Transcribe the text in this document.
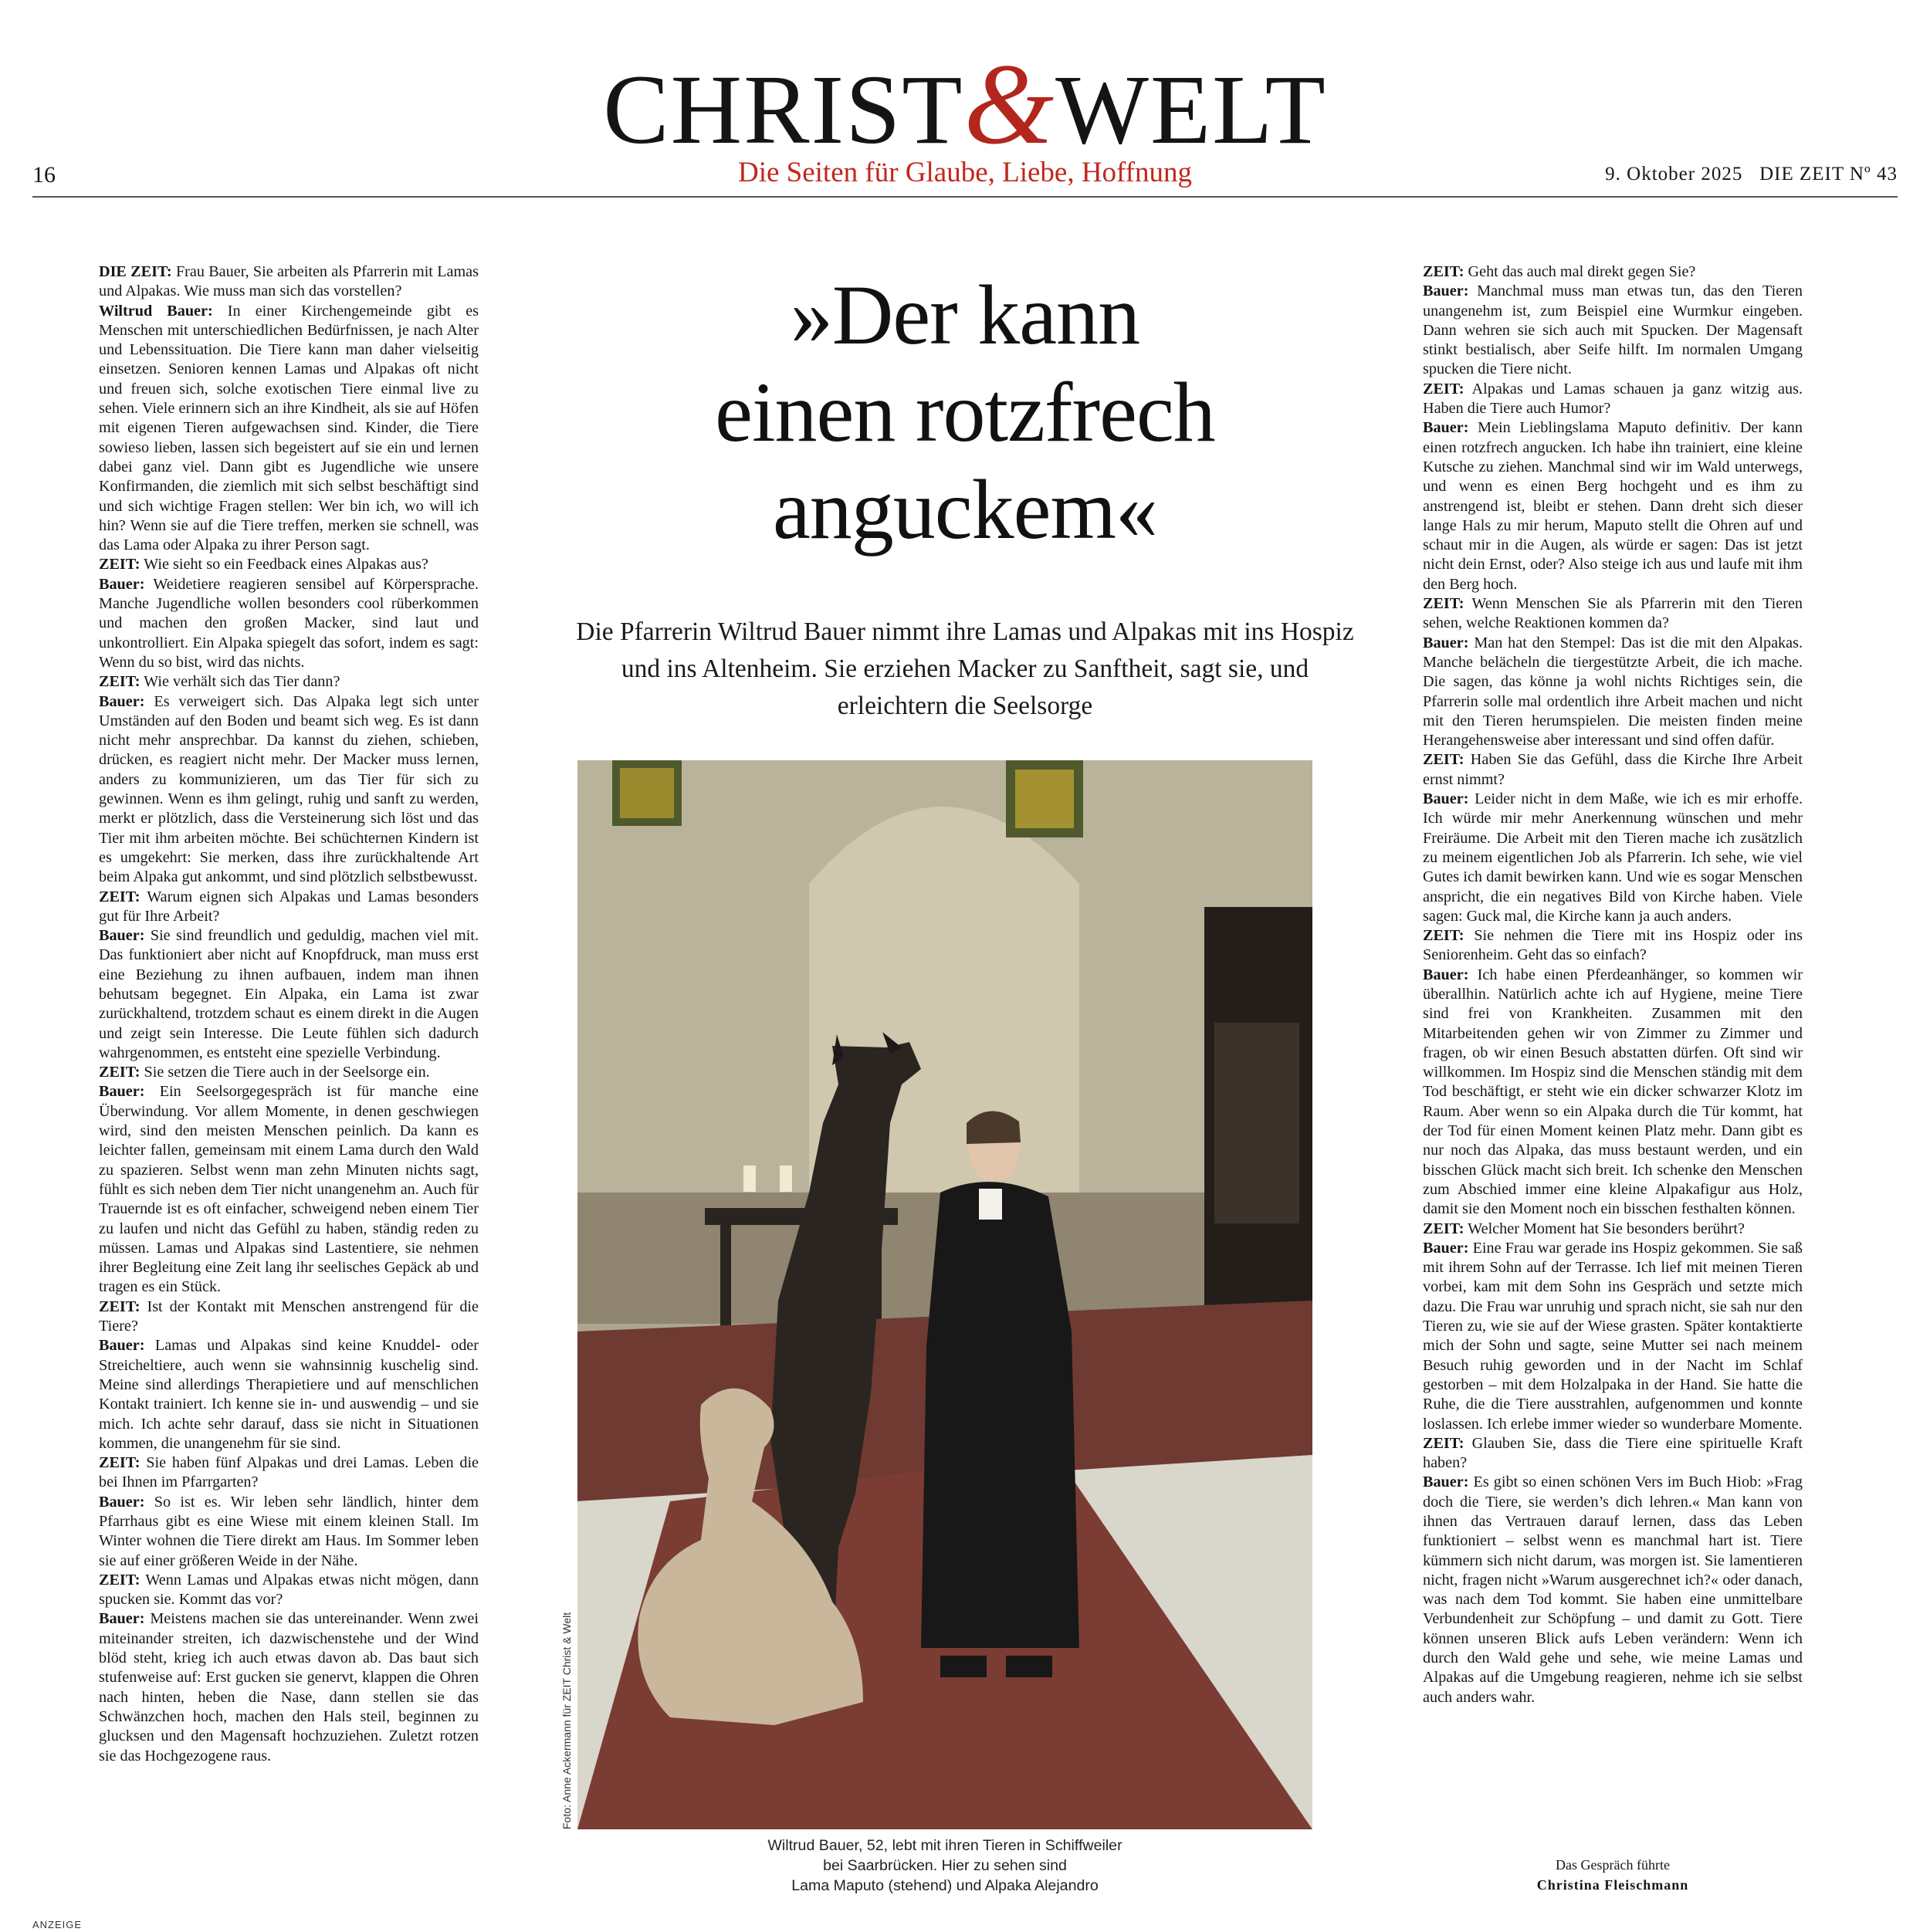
CHRIST&WELT
16	Die Seiten für Glaube, Liebe, Hoffnung	9. Oktober 2025   DIE ZEIT Nº 43

DIE ZEIT: Frau Bauer, Sie arbeiten als Pfarrerin mit Lamas und Alpakas. Wie muss man sich das vorstellen?

Wiltrud Bauer: In einer Kirchengemeinde gibt es Menschen mit unterschiedlichen Bedürfnissen, je nach Alter und Lebenssituation. Die Tiere kann man daher vielseitig einsetzen. Senioren kennen Lamas und Alpakas oft nicht und freuen sich, solche exotischen Tiere einmal live zu sehen. Viele erinnern sich an ihre Kindheit, als sie auf Höfen mit eigenen Tieren aufgewachsen sind. Kinder, die Tiere sowieso lieben, lassen sich begeistert auf sie ein und lernen dabei ganz viel. Dann gibt es Jugendliche wie unsere Konfirmanden, die ziemlich mit sich selbst beschäftigt sind und sich wichtige Fragen stellen: Wer bin ich, wo will ich hin? Wenn sie auf die Tiere treffen, merken sie schnell, was das Lama oder Alpaka zu ihrer Person sagt.

ZEIT: Wie sieht so ein Feedback eines Alpakas aus?

Bauer: Weidetiere reagieren sensibel auf Körpersprache. Manche Jugendliche wollen besonders cool rüberkommen und machen den großen Macker, sind laut und unkontrolliert. Ein Alpaka spiegelt das sofort, indem es sagt: Wenn du so bist, wird das nichts.

ZEIT: Wie verhält sich das Tier dann?

Bauer: Es verweigert sich. Das Alpaka legt sich unter Umständen auf den Boden und beamt sich weg. Es ist dann nicht mehr ansprechbar. Da kannst du ziehen, schieben, drücken, es reagiert nicht mehr. Der Macker muss lernen, anders zu kommunizieren, um das Tier für sich zu gewinnen. Wenn es ihm gelingt, ruhig und sanft zu werden, merkt er plötzlich, dass die Versteinerung sich löst und das Tier mit ihm arbeiten möchte. Bei schüchternen Kindern ist es umgekehrt: Sie merken, dass ihre zurückhaltende Art beim Alpaka gut ankommt, und sind plötzlich selbstbewusst.

ZEIT: Warum eignen sich Alpakas und Lamas besonders gut für Ihre Arbeit?

Bauer: Sie sind freundlich und geduldig, machen viel mit. Das funktioniert aber nicht auf Knopfdruck, man muss erst eine Beziehung zu ihnen aufbauen, indem man ihnen behutsam begegnet. Ein Alpaka, ein Lama ist zwar zurückhaltend, trotzdem schaut es einem direkt in die Augen und zeigt sein Interesse. Die Leute fühlen sich dadurch wahrgenommen, es entsteht eine spezielle Verbindung.

ZEIT: Sie setzen die Tiere auch in der Seelsorge ein.

Bauer: Ein Seelsorgegespräch ist für manche eine Überwindung. Vor allem Momente, in denen geschwiegen wird, sind den meisten Menschen peinlich. Da kann es leichter fallen, gemeinsam mit einem Lama durch den Wald zu spazieren. Selbst wenn man zehn Minuten nichts sagt, fühlt es sich neben dem Tier nicht unangenehm an. Auch für Trauernde ist es oft einfacher, schweigend neben einem Tier zu laufen und nicht das Gefühl zu haben, ständig reden zu müssen. Lamas und Alpakas sind Lastentiere, sie nehmen ihrer Begleitung eine Zeit lang ihr seelisches Gepäck ab und tragen es ein Stück.

ZEIT: Ist der Kontakt mit Menschen anstrengend für die Tiere?

Bauer: Lamas und Alpakas sind keine Knuddel- oder Streicheltiere, auch wenn sie wahnsinnig kuschelig sind. Meine sind allerdings Therapietiere und auf menschlichen Kontakt trainiert. Ich kenne sie in- und auswendig – und sie mich. Ich achte sehr darauf, dass sie nicht in Situationen kommen, die unangenehm für sie sind.

ZEIT: Sie haben fünf Alpakas und drei Lamas. Leben die bei Ihnen im Pfarrgarten?

Bauer: So ist es. Wir leben sehr ländlich, hinter dem Pfarrhaus gibt es eine Wiese mit einem kleinen Stall. Im Winter wohnen die Tiere direkt am Haus. Im Sommer leben sie auf einer größeren Weide in der Nähe.

ZEIT: Wenn Lamas und Alpakas etwas nicht mögen, dann spucken sie. Kommt das vor?

Bauer: Meistens machen sie das untereinander. Wenn zwei miteinander streiten, ich dazwischenstehe und der Wind blöd steht, krieg ich auch etwas davon ab. Das baut sich stufenweise auf: Erst gucken sie genervt, klappen die Ohren nach hinten, heben die Nase, dann stellen sie das Schwänzchen hoch, machen den Hals steil, beginnen zu glucksen und den Magensaft hochzuziehen. Zuletzt rotzen sie das Hochgezogene raus.

»Der kann
einen rotzfrech
anguckem«
Die Pfarrerin Wiltrud Bauer nimmt ihre Lamas und Alpakas mit ins Hospiz und ins Altenheim. Sie erziehen Macker zu Sanftheit, sagt sie, und erleichtern die Seelsorge
Foto: Anne Ackermann für ZEIT Christ & Welt
Wiltrud Bauer, 52, lebt mit ihren Tieren in Schiffweiler
bei Saarbrücken. Hier zu sehen sind
Lama Maputo (stehend) und Alpaka Alejandro

ZEIT: Geht das auch mal direkt gegen Sie?

Bauer: Manchmal muss man etwas tun, das den Tieren unangenehm ist, zum Beispiel eine Wurmkur eingeben. Dann wehren sie sich auch mit Spucken. Der Magensaft stinkt bestialisch, aber Seife hilft. Im normalen Umgang spucken die Tiere nicht.

ZEIT: Alpakas und Lamas schauen ja ganz witzig aus. Haben die Tiere auch Humor?

Bauer: Mein Lieblingslama Maputo definitiv. Der kann einen rotzfrech angucken. Ich habe ihn trainiert, eine kleine Kutsche zu ziehen. Manchmal sind wir im Wald unterwegs, und wenn es einen Berg hochgeht und es ihm zu anstrengend ist, bleibt er stehen. Dann dreht sich dieser lange Hals zu mir herum, Maputo stellt die Ohren auf und schaut mir in die Augen, als würde er sagen: Das ist jetzt nicht dein Ernst, oder? Also steige ich aus und laufe mit ihm den Berg hoch.

ZEIT: Wenn Menschen Sie als Pfarrerin mit den Tieren sehen, welche Reaktionen kommen da?

Bauer: Man hat den Stempel: Das ist die mit den Alpakas. Manche belächeln die tiergestützte Arbeit, die ich mache. Die sagen, das könne ja wohl nichts Richtiges sein, die Pfarrerin solle mal ordentlich ihre Arbeit machen und nicht mit den Tieren herumspielen. Die meisten finden meine Herangehensweise aber interessant und sind offen dafür.

ZEIT: Haben Sie das Gefühl, dass die Kirche Ihre Arbeit ernst nimmt?

Bauer: Leider nicht in dem Maße, wie ich es mir erhoffe. Ich würde mir mehr Anerkennung wünschen und mehr Freiräume. Die Arbeit mit den Tieren mache ich zusätzlich zu meinem eigentlichen Job als Pfarrerin. Ich sehe, wie viel Gutes ich damit bewirken kann. Und wie es sogar Menschen anspricht, die ein negatives Bild von Kirche haben. Viele sagen: Guck mal, die Kirche kann ja auch anders.

ZEIT: Sie nehmen die Tiere mit ins Hospiz oder ins Seniorenheim. Geht das so einfach?

Bauer: Ich habe einen Pferdeanhänger, so kommen wir überallhin. Natürlich achte ich auf Hygiene, meine Tiere sind frei von Krankheiten. Zusammen mit den Mitarbeitenden gehen wir von Zimmer zu Zimmer und fragen, ob wir einen Besuch abstatten dürfen. Oft sind wir willkommen. Im Hospiz sind die Menschen ständig mit dem Tod beschäftigt, er steht wie ein dicker schwarzer Klotz im Raum. Aber wenn so ein Alpaka durch die Tür kommt, hat der Tod für einen Moment keinen Platz mehr. Dann gibt es nur noch das Alpaka, das muss bestaunt werden, und ein bisschen Glück macht sich breit. Ich schenke den Menschen zum Abschied immer eine kleine Alpakafigur aus Holz, damit sie den Moment noch ein bisschen festhalten können.

ZEIT: Welcher Moment hat Sie besonders berührt?

Bauer: Eine Frau war gerade ins Hospiz gekommen. Sie saß mit ihrem Sohn auf der Terrasse. Ich lief mit meinen Tieren vorbei, kam mit dem Sohn ins Gespräch und setzte mich dazu. Die Frau war unruhig und sprach nicht, sie sah nur den Tieren zu, wie sie auf der Wiese grasten. Später kontaktierte mich der Sohn und sagte, seine Mutter sei nach meinem Besuch ruhig geworden und in der Nacht im Schlaf gestorben – mit dem Holzalpaka in der Hand. Sie hatte die Ruhe, die die Tiere ausstrahlen, aufgenommen und konnte loslassen. Ich erlebe immer wieder so wunderbare Momente.

ZEIT: Glauben Sie, dass die Tiere eine spirituelle Kraft haben?

Bauer: Es gibt so einen schönen Vers im Buch Hiob: »Frag doch die Tiere, sie werden’s dich lehren.« Man kann von ihnen das Vertrauen darauf lernen, dass das Leben funktioniert – selbst wenn es manchmal hart ist. Tiere kümmern sich nicht darum, was morgen ist. Sie lamentieren nicht, fragen nicht »Warum ausgerechnet ich?« oder danach, was nach dem Tod kommt. Sie haben eine unmittelbare Verbundenheit zur Schöpfung – und damit zu Gott. Tiere können unseren Blick aufs Leben verändern: Wenn ich durch den Wald gehe und sehe, wie meine Lamas und Alpakas auf die Umgebung reagieren, nehme ich sie selbst auch anders wahr.

Das Gespräch führte
Christina Fleischmann
ANZEIGE
